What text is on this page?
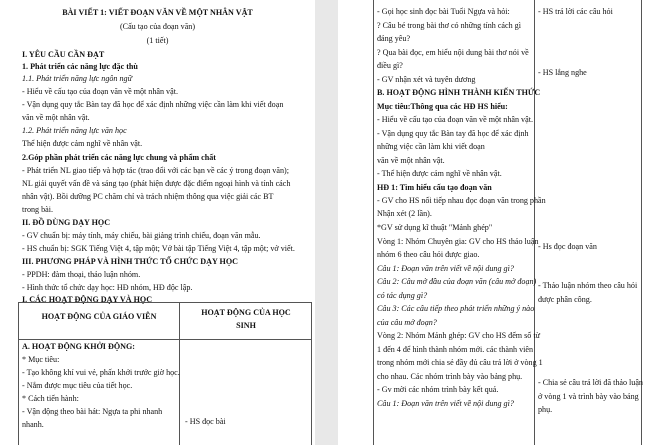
BÀI VIẾT 1: VIẾT ĐOẠN VĂN VỀ MỘT NHÂN VẬT
(Cấu tạo của đoạn văn)
(1 tiết)
I. YÊU CẦU CẦN ĐẠT
1. Phát triển các năng lực đặc thù
1.1. Phát triển năng lực ngôn ngữ
- Hiểu về cấu tạo của đoạn văn về một nhân vật.
- Vận dụng quy tắc Bàn tay đã học để xác định những việc cần làm khi viết đoạn
văn về một nhân vật.
1.2. Phát triển năng lực văn học
Thể hiện được cảm nghĩ về nhân vật.
2.Góp phần phát triển các năng lực chung và phẩm chất
- Phát triển NL giao tiếp và hợp tác (trao đổi với các bạn về các ý trong đoạn văn);
NL giải quyết vấn đề và sáng tạo (phát hiện được đặc điểm ngoại hình và tính cách
nhân vật). Bồi dưỡng PC chăm chỉ và trách nhiệm thông qua việc giải các BT
trong bài.
II. ĐỒ DÙNG DẠY HỌC
- GV chuẩn bị: máy tính, máy chiếu, bài giảng trình chiếu, đoạn văn mẫu.
- HS chuẩn bị: SGK Tiếng Việt 4, tập một; Vở bài tập Tiếng Việt 4, tập một; vở viết.
III. PHƯƠNG PHÁP VÀ HÌNH THỨC TỔ CHỨC DẠY HỌC
- PPDH: đàm thoại, thảo luận nhóm.
- Hình thức tổ chức dạy học: HĐ nhóm, HĐ độc lập.
I. CÁC HOẠT ĐỘNG DẠY VÀ HỌC
HOẠT ĐỘNG CỦA GIÁO VIÊN	HOẠT ĐỘNG CỦA HỌC
SINH
A. HOẠT ĐỘNG KHỞI ĐỘNG:
* Mục tiêu:
- Tạo không khí vui vẻ, phấn khởi trước giờ học.
- Nắm được mục tiêu của tiết học.
* Cách tiến hành:
- Vận động theo bài hát: Ngựa ta phi nhanh
nhanh.	- HS đọc bài
- Gọi học sinh đọc bài Tuổi Ngựa và hỏi:
? Câu bé trong bài thơ có những tính cách gì
đáng yêu?
? Qua bài đọc, em hiểu nội dung bài thơ nói về
điều gì?
- GV nhận xét và tuyên dương
B. HOẠT ĐỘNG HÌNH THÀNH KIẾN THỨC
Mục tiêu:Thông qua các HĐ HS hiểu:
- Hiểu về cấu tạo của đoạn văn về một nhân vật.
- Vận dụng quy tắc Bàn tay đã học để xác định
những việc cần làm khi viết đoạn
văn về một nhân vật.
- Thể hiện được cảm nghĩ về nhân vật.
HĐ 1: Tìm hiểu cấu tạo đoạn văn
- GV cho HS nối tiếp nhau đọc đoạn văn trong phần
Nhận xét (2 lần).
*GV sử dụng kĩ thuật "Mảnh ghép"
Vòng 1: Nhóm Chuyên gia: GV cho HS thảo luận
nhóm 6 theo câu hỏi được giao.
Câu 1: Đoạn văn trên viết về nội dung gì?
Câu 2: Câu mở đầu của đoạn văn (câu mở đoạn)
có tác dụng gì?
Câu 3: Các câu tiếp theo phát triển những ý nào
của câu mở đoạn?
Vòng 2: Nhóm Mảnh ghép: GV cho HS đếm số từ
1 đến 4 để hình thành nhóm mới. các thành viên
trong nhóm mới chia sẻ đầy đủ câu trả lời ở vòng 1
cho nhau. Các nhóm trình bày vào bảng phụ.
- Gv mời các nhóm trình bày kết quả.
Câu 1: Đoạn văn trên viết về nội dung gì?
- HS trả lời các câu hỏi
- HS lắng nghe
- Hs đọc đoạn văn
- Thảo luận nhóm theo câu hỏi
được phân công.
- Chia sẻ câu trả lời đã thảo luận
ở vòng 1 và trình bày vào bảng
phụ.
